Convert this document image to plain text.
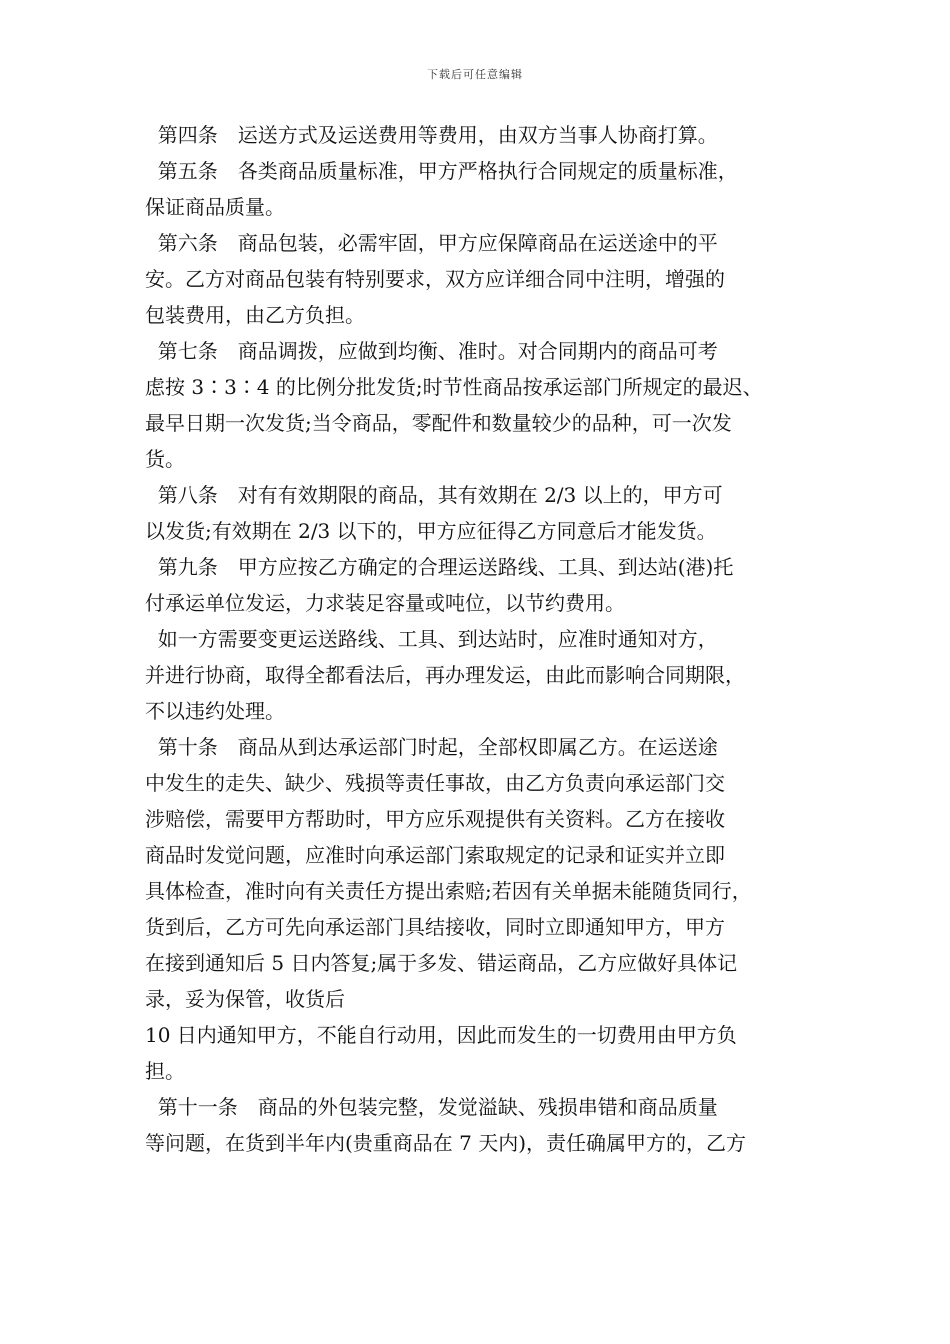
下载后可任意编辑
第四条　运送方式及运送费用等费用，由双方当事人协商打算。
第五条　各类商品质量标准，甲方严格执行合同规定的质量标准，
保证商品质量。
第六条　商品包装，必需牢固，甲方应保障商品在运送途中的平
安。乙方对商品包装有特别要求，双方应详细合同中注明，增强的
包装费用，由乙方负担。
第七条　商品调拨，应做到均衡、准时。对合同期内的商品可考
虑按 3∶3∶4 的比例分批发货;时节性商品按承运部门所规定的最迟、
最早日期一次发货;当令商品，零配件和数量较少的品种，可一次发
货。
第八条　对有有效期限的商品，其有效期在 2/3 以上的，甲方可
以发货;有效期在 2/3 以下的，甲方应征得乙方同意后才能发货。
第九条　甲方应按乙方确定的合理运送路线、工具、到达站(港)托
付承运单位发运，力求装足容量或吨位，以节约费用。
如一方需要变更运送路线、工具、到达站时，应准时通知对方，
并进行协商，取得全都看法后，再办理发运，由此而影响合同期限，
不以违约处理。
第十条　商品从到达承运部门时起，全部权即属乙方。在运送途
中发生的走失、缺少、残损等责任事故，由乙方负责向承运部门交
涉赔偿，需要甲方帮助时，甲方应乐观提供有关资料。乙方在接收
商品时发觉问题，应准时向承运部门索取规定的记录和证实并立即
具体检查，准时向有关责任方提出索赔;若因有关单据未能随货同行，
货到后，乙方可先向承运部门具结接收，同时立即通知甲方，甲方
在接到通知后 5 日内答复;属于多发、错运商品，乙方应做好具体记
录，妥为保管，收货后
10 日内通知甲方，不能自行动用，因此而发生的一切费用由甲方负
担。
第十一条　商品的外包装完整，发觉溢缺、残损串错和商品质量
等问题，在货到半年内(贵重商品在 7 天内)，责任确属甲方的，乙方
